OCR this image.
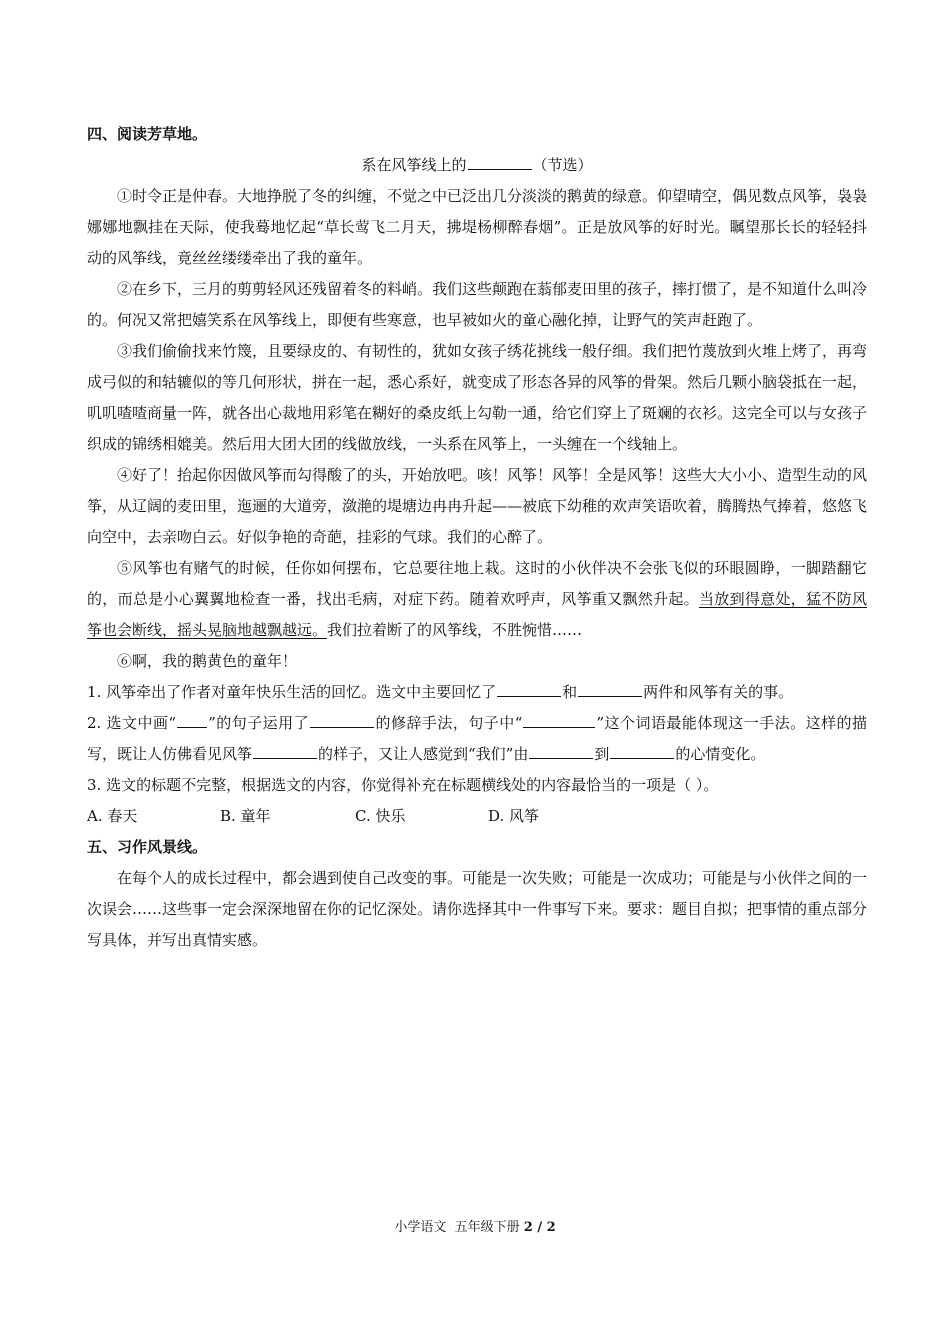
四、阅读芳草地。

系在风筝线上的	（节选）

①时令正是仲春。大地挣脱了冬的纠缠，不觉之中已泛出几分淡淡的鹅黄的绿意。仰望晴空，偶见数点风筝，袅袅娜娜地飘挂在天际，使我蓦地忆起“草长莺飞二月天，拂堤杨柳醉春烟”。正是放风筝的好时光。瞩望那长长的轻轻抖动的风筝线，竟丝丝缕缕牵出了我的童年。

②在乡下，三月的剪剪轻风还残留着冬的料峭。我们这些颠跑在蓊郁麦田里的孩子，摔打惯了，是不知道什么叫冷的。何况又常把嬉笑系在风筝线上，即便有些寒意，也早被如火的童心融化掉，让野气的笑声赶跑了。

③我们偷偷找来竹篾，且要绿皮的、有韧性的，犹如女孩子绣花挑线一般仔细。我们把竹蔑放到火堆上烤了，再弯成弓似的和轱辘似的等几何形状，拼在一起，悉心系好，就变成了形态各异的风筝的骨架。然后几颗小脑袋抵在一起，叽叽喳喳商量一阵，就各出心裁地用彩笔在糊好的桑皮纸上勾勒一通，给它们穿上了斑斓的衣衫。这完全可以与女孩子织成的锦绣相媲美。然后用大团大团的线做放线，一头系在风筝上，一头缠在一个线轴上。

④好了！抬起你因做风筝而勾得酸了的头，开始放吧。咳！风筝！风筝！全是风筝！这些大大小小、造型生动的风筝，从辽阔的麦田里，迤逦的大道旁，潋滟的堤塘边冉冉升起——被底下幼稚的欢声笑语吹着，腾腾热气捧着，悠悠飞向空中，去亲吻白云。好似争艳的奇葩，挂彩的气球。我们的心醉了。

⑤风筝也有赌气的时候，任你如何摆布，它总要往地上栽。这时的小伙伴决不会张飞似的环眼圆睁，一脚踏翻它的，而总是小心翼翼地检查一番，找出毛病，对症下药。随着欢呼声，风筝重又飘然升起。当放到得意处，猛不防风筝也会断线，摇头晃脑地越飘越远。我们拉着断了的风筝线，不胜惋惜……

⑥啊，我的鹅黄色的童年！

1. 风筝牵出了作者对童年快乐生活的回忆。选文中主要回忆了	和	两件和风筝有关的事。

2. 选文中画“ ”的句子运用了	的修辞手法，句子中“	”这个词语最能体现这一手法。这样的描写，既让人仿佛看见风筝	的样子，又让人感觉到“我们”由	到	的心情变化。

3. 选文的标题不完整，根据选文的内容，你觉得补充在标题横线处的内容最恰当的一项是（ ）。

A. 春天	B. 童年	C. 快乐	D. 风筝

五、习作风景线。

在每个人的成长过程中，都会遇到使自己改变的事。可能是一次失败；可能是一次成功；可能是与小伙伴之间的一次误会……这些事一定会深深地留在你的记忆深处。请你选择其中一件事写下来。要求：题目自拟；把事情的重点部分写具体，并写出真情实感。

小学语文  五年级下册 2 / 2
